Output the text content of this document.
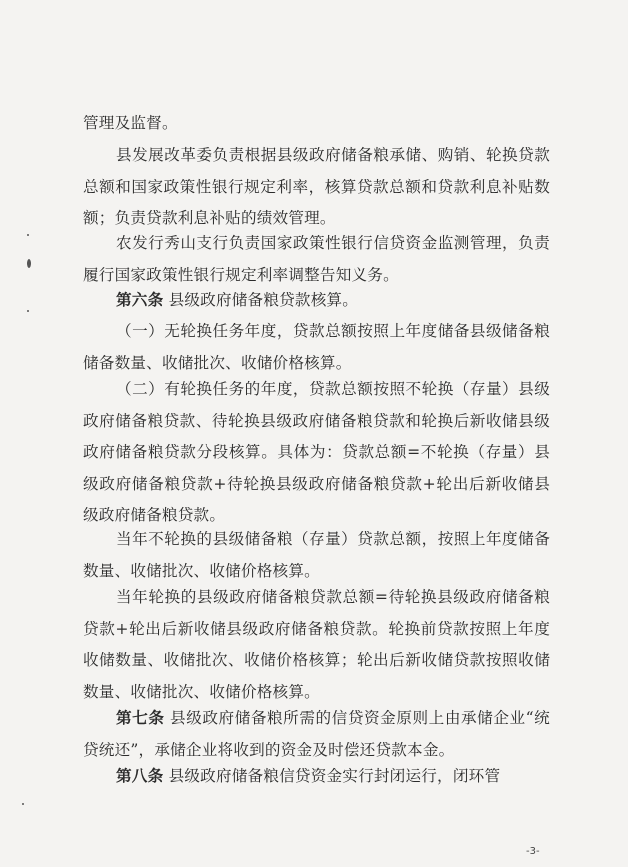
管理及监督。

县发展改革委负责根据县级政府储备粮承储、购销、轮换贷款总额和国家政策性银行规定利率，核算贷款总额和贷款利息补贴数额；负责贷款利息补贴的绩效管理。

农发行秀山支行负责国家政策性银行信贷资金监测管理，负责履行国家政策性银行规定利率调整告知义务。

第六条 县级政府储备粮贷款核算。

（一）无轮换任务年度，贷款总额按照上年度储备县级储备粮储备数量、收储批次、收储价格核算。

（二）有轮换任务的年度，贷款总额按照不轮换（存量）县级政府储备粮贷款、待轮换县级政府储备粮贷款和轮换后新收储县级政府储备粮贷款分段核算。具体为：贷款总额=不轮换（存量）县级政府储备粮贷款+待轮换县级政府储备粮贷款+轮出后新收储县级政府储备粮贷款。

当年不轮换的县级储备粮（存量）贷款总额，按照上年度储备数量、收储批次、收储价格核算。

当年轮换的县级政府储备粮贷款总额=待轮换县级政府储备粮贷款+轮出后新收储县级政府储备粮贷款。轮换前贷款按照上年度收储数量、收储批次、收储价格核算；轮出后新收储贷款按照收储数量、收储批次、收储价格核算。

第七条 县级政府储备粮所需的信贷资金原则上由承储企业“统贷统还”，承储企业将收到的资金及时偿还贷款本金。

第八条 县级政府储备粮信贷资金实行封闭运行，闭环管

-3-
